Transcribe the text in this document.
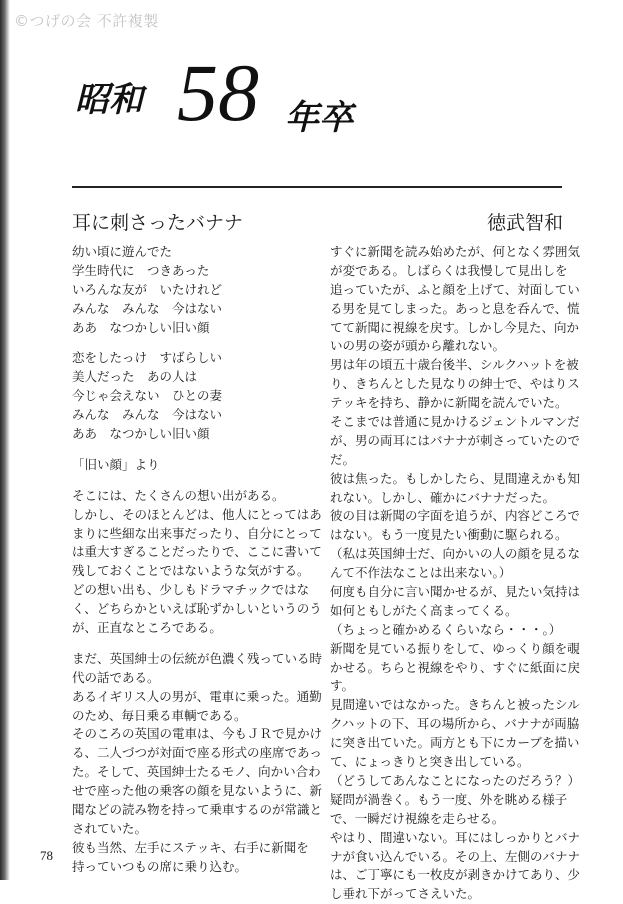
©つげの会 不許複製
昭和 58 年卒
耳に刺さったバナナ	徳武智和
幼い頃に遊んでた
学生時代に　つきあった
いろんな友が　いたけれど
みんな　みんな　今はない
ああ　なつかしい旧い顔
恋をしたっけ　すばらしい
美人だった　あの人は
今じゃ会えない　ひとの妻
みんな　みんな　今はない
ああ　なつかしい旧い顔
「旧い顔」より
そこには、たくさんの想い出がある。
しかし、そのほとんどは、他人にとってはあ
まりに些細な出来事だったり、自分にとって
は重大すぎることだったりで、ここに書いて
残しておくことではないような気がする。
どの想い出も、少しもドラマチックではな
く、どちらかといえば恥ずかしいというのう
が、正直なところである。
まだ、英国紳士の伝統が色濃く残っている時
代の話である。
あるイギリス人の男が、電車に乗った。通勤
のため、毎日乗る車輌である。
そのころの英国の電車は、今もＪＲで見かけ
る、二人づつが対面で座る形式の座席であっ
た。そして、英国紳士たるモノ、向かい合わ
せで座った他の乗客の顔を見ないように、新
聞などの読み物を持って乗車するのが常識と
されていた。
彼も当然、左手にステッキ、右手に新聞を
持っていつもの席に乗り込む。
すぐに新聞を読み始めたが、何となく雰囲気
が変である。しばらくは我慢して見出しを
追っていたが、ふと顔を上げて、対面してい
る男を見てしまった。あっと息を呑んで、慌
てて新聞に視線を戻す。しかし今見た、向か
いの男の姿が頭から離れない。
男は年の頃五十歳台後半、シルクハットを被
り、きちんとした見なりの紳士で、やはりス
テッキを持ち、静かに新聞を読んでいた。
そこまでは普通に見かけるジェントルマンだ
が、男の両耳にはバナナが刺さっていたので
だ。
彼は焦った。もしかしたら、見間違えかも知
れない。しかし、確かにバナナだった。
彼の目は新聞の字面を追うが、内容どころで
はない。もう一度見たい衝動に駆られる。
（私は英国紳士だ、向かいの人の顔を見るな
んて不作法なことは出来ない。）
何度も自分に言い聞かせるが、見たい気持は
如何ともしがたく高まってくる。
（ちょっと確かめるくらいなら・・・。）
新聞を見ている振りをして、ゆっくり顔を覗
かせる。ちらと視線をやり、すぐに紙面に戻
す。
見間違いではなかった。きちんと被ったシル
クハットの下、耳の場所から、バナナが両脇
に突き出ていた。両方とも下にカーブを描い
て、にょっきりと突き出している。
（どうしてあんなことになったのだろう？）
疑問が渦巻く。もう一度、外を眺める様子
で、一瞬だけ視線を走らせる。
やはり、間違いない。耳にはしっかりとバナ
ナが食い込んでいる。その上、左側のバナナ
は、ご丁寧にも一枚皮が剥きかけてあり、少
し垂れ下がってさえいた。
78
